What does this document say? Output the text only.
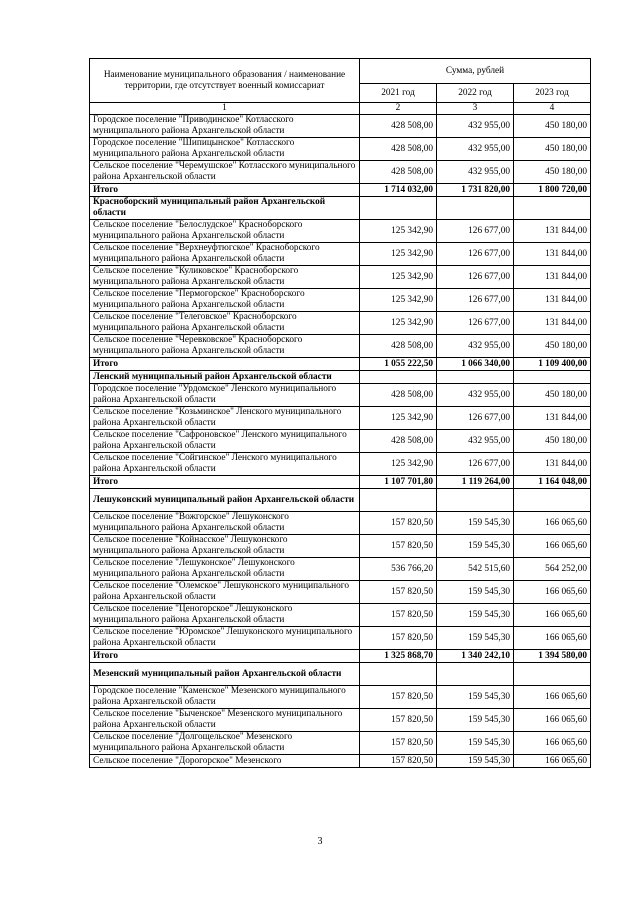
Наименование муниципального образования / наименование территории, где отсутствует военный комиссариат	Сумма, рублей		
	2021 год	2022 год	2023 год
1	2	3	4
Городское поселение "Приводинское" Котласского муниципального района Архангельской области	428 508,00	432 955,00	450 180,00
Городское поселение "Шипицынское" Котласского муниципального района Архангельской области	428 508,00	432 955,00	450 180,00
Сельское поселение "Черемушское" Котласского муниципального района Архангельской области	428 508,00	432 955,00	450 180,00
Итого	1 714 032,00	1 731 820,00	1 800 720,00
Красноборский муниципальный район Архангельской области			
Сельское поселение "Белослудское" Красноборского муниципального района Архангельской области	125 342,90	126 677,00	131 844,00
Сельское поселение "Верхнеуфтюгское" Красноборского муниципального района Архангельской области	125 342,90	126 677,00	131 844,00
Сельское поселение "Куликовское" Красноборского муниципального района Архангельской области	125 342,90	126 677,00	131 844,00
Сельское поселение "Пермогорское" Красноборского муниципального района Архангельской области	125 342,90	126 677,00	131 844,00
Сельское поселение "Телеговское" Красноборского муниципального района Архангельской области	125 342,90	126 677,00	131 844,00
Сельское поселение "Черевковское" Красноборского муниципального района Архангельской области	428 508,00	432 955,00	450 180,00
Итого	1 055 222,50	1 066 340,00	1 109 400,00
Ленский муниципальный район Архангельской области			
Городское поселение "Урдомское" Ленского муниципального района Архангельской области	428 508,00	432 955,00	450 180,00
Сельское поселение "Козьминское" Ленского муниципального района Архангельской области	125 342,90	126 677,00	131 844,00
Сельское поселение "Сафроновское" Ленского муниципального района Архангельской области	428 508,00	432 955,00	450 180,00
Сельское поселение "Сойгинское" Ленского муниципального района Архангельской области	125 342,90	126 677,00	131 844,00
Итого	1 107 701,80	1 119 264,00	1 164 048,00
Лешуконский муниципальный район Архангельской области			
Сельское поселение "Вожгорское" Лешуконского муниципального района Архангельской области	157 820,50	159 545,30	166 065,60
Сельское поселение "Койнасское" Лешуконского муниципального района Архангельской области	157 820,50	159 545,30	166 065,60
Сельское поселение "Лешуконское" Лешуконского муниципального района Архангельской области	536 766,20	542 515,60	564 252,00
Сельское поселение "Олемское" Лешуконского муниципального района Архангельской области	157 820,50	159 545,30	166 065,60
Сельское поселение "Ценогорское" Лешуконского муниципального района Архангельской области	157 820,50	159 545,30	166 065,60
Сельское поселение "Юромское" Лешуконского муниципального района Архангельской области	157 820,50	159 545,30	166 065,60
Итого	1 325 868,70	1 340 242,10	1 394 580,00
Мезенский муниципальный район Архангельской области			
Городское поселение "Каменское" Мезенского муниципального района Архангельской области	157 820,50	159 545,30	166 065,60
Сельское поселение "Быченское" Мезенского муниципального района Архангельской области	157 820,50	159 545,30	166 065,60
Сельское поселение "Долгощельское" Мезенского муниципального района Архангельской области	157 820,50	159 545,30	166 065,60
Сельское поселение "Дорогорское" Мезенского	157 820,50	159 545,30	166 065,60
3
